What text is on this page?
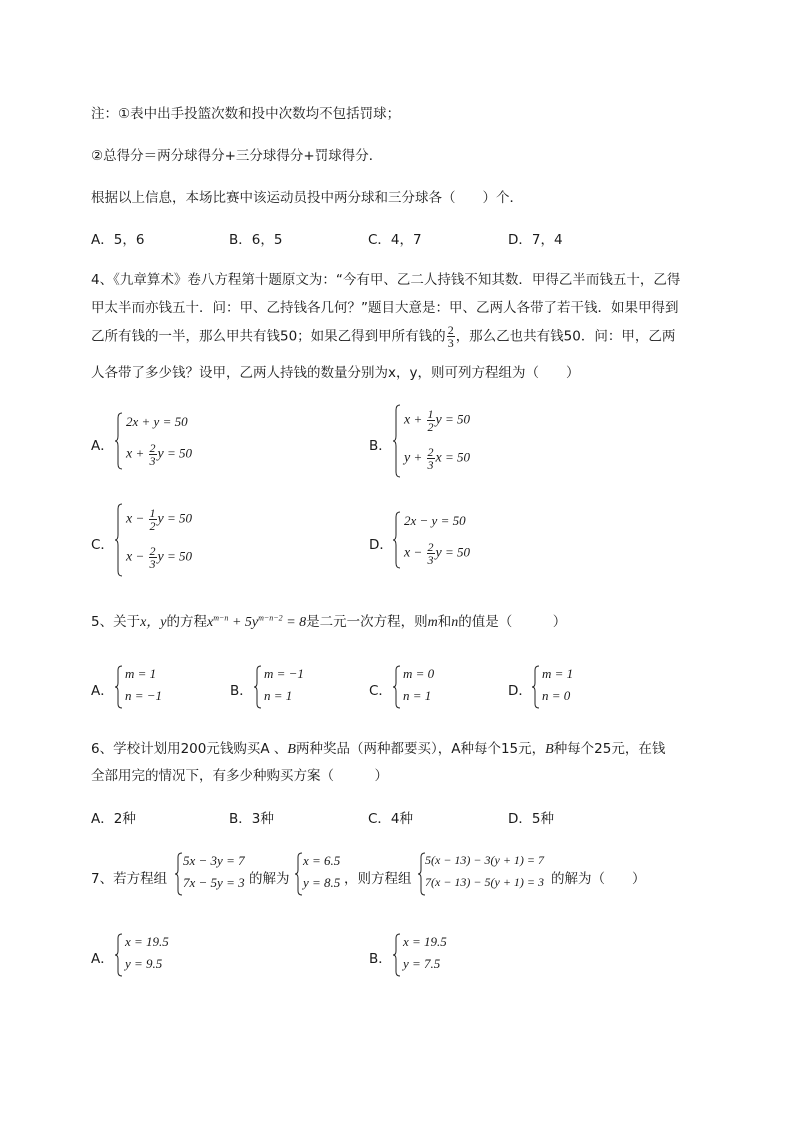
注：①表中出手投篮次数和投中次数均不包括罚球；
②总得分＝两分球得分+三分球得分+罚球得分．
根据以上信息，本场比赛中该运动员投中两分球和三分球各（　　）个．
A．5，6	B．6，5	C．4，7	D．7，4
4、《九章算术》卷八方程第十题原文为：“今有甲、乙二人持钱不知其数．甲得乙半而钱五十，乙得
甲太半而亦钱五十．问：甲、乙持钱各几何？”题目大意是：甲、乙两人各带了若干钱．如果甲得到
乙所有钱的一半，那么甲共有钱50；如果乙得到甲所有钱的 $\frac{2}{3}$ ，那么乙也共有钱50．问：甲，乙两
人各带了多少钱？设甲，乙两人持钱的数量分别为x，y，则可列方程组为（　　）
A．
2x + y = 50
$x + \frac{2}{3}$ y = 50	B．
$x + \frac{1}{2}$ y = 50
$y + \frac{2}{3}$ x = 50
C．
$x - \frac{1}{2}$ y = 50
$x - \frac{2}{3}$ y = 50
D．
2x − y = 50
$x - \frac{2}{3}$ y = 50
5、关于x，y的方程$x^{m-n} + 5y^{m-n-2} = 8$是二元一次方程，则m和n的值是（　　　）
A．
m = 1
n = −1	B．
m = −1
n = 1	C．
m = 0
n = 1	D．
m = 1
n = 0
6、学校计划用200元钱购买A 、B两种奖品（两种都要买），A种每个15元，B种每个25元，在钱
全部用完的情况下，有多少种购买方案（　　　）
A．2种	B．3种	C．4种	D．5种
7、若方程组
5x − 3y = 7
7x − 5y = 3 的解为
x = 6.5
y = 8.5 ，则方程组
5(x − 13) − 3(y + 1) = 7
7(x − 13) − 5(y + 1) = 3 的解为（　　）
A．
x = 19.5
y = 9.5	B．
x = 19.5
y = 7.5
